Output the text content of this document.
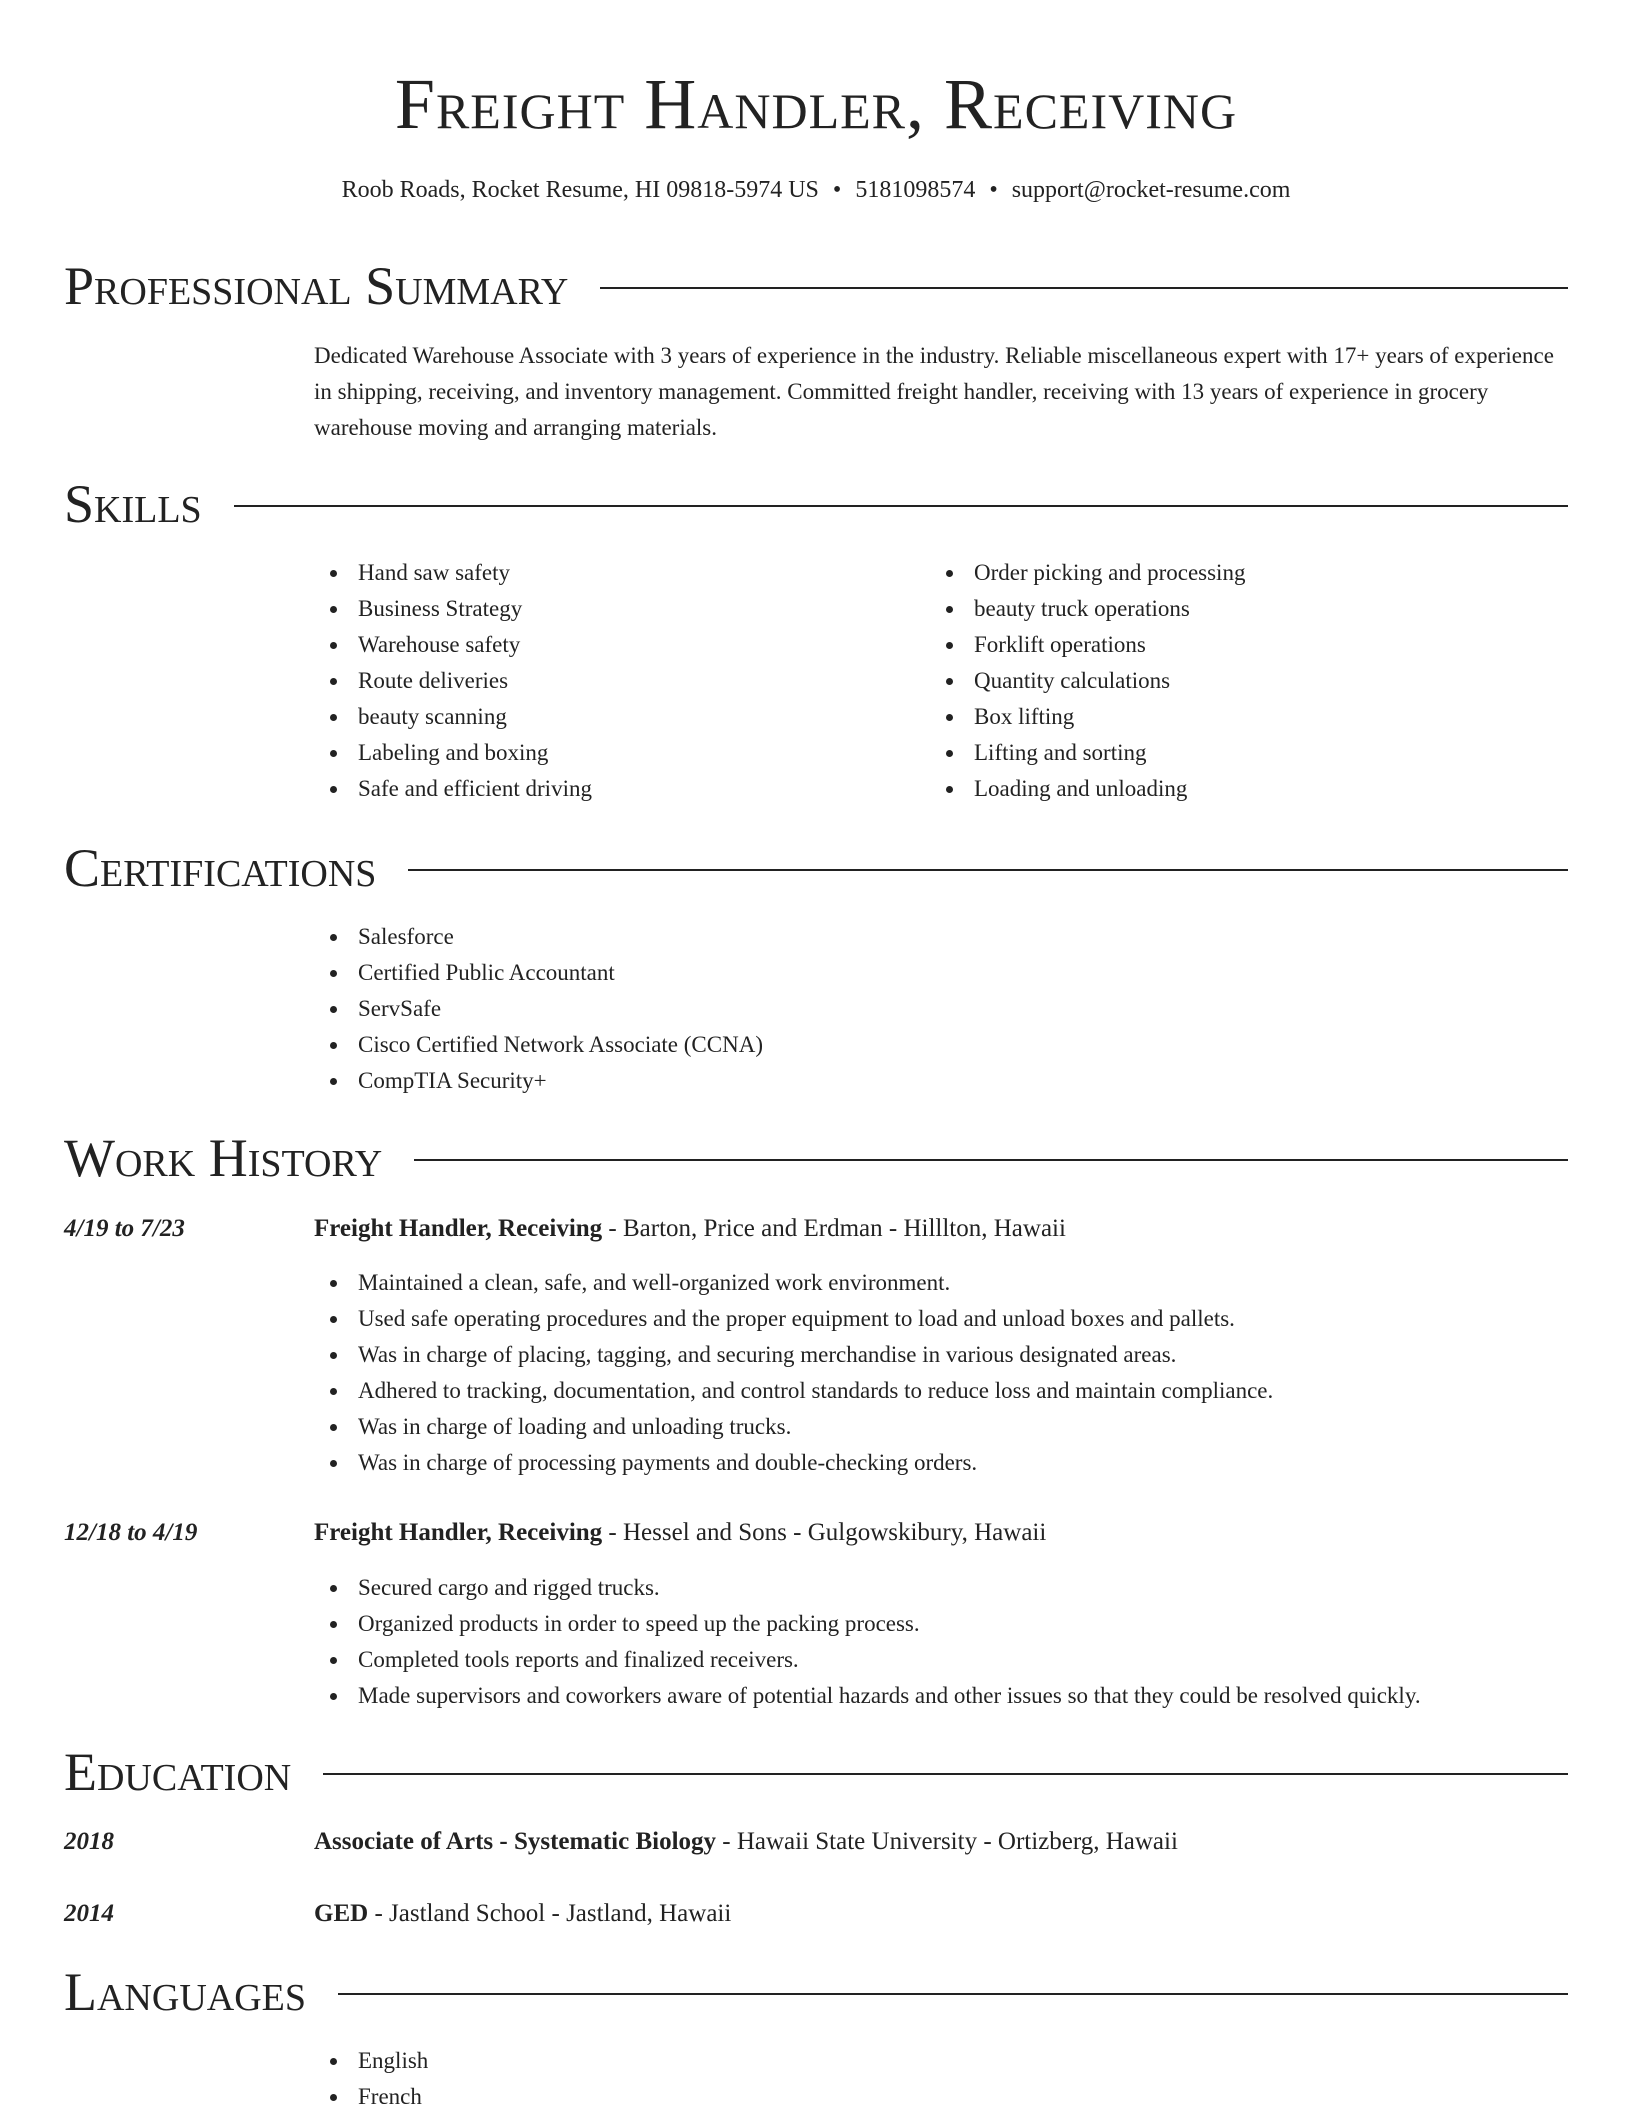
Freight Handler, Receiving
Roob Roads, Rocket Resume, HI 09818-5974 US • 5181098574 • support@rocket-resume.com
Professional Summary
Dedicated Warehouse Associate with 3 years of experience in the industry. Reliable miscellaneous expert with 17+ years of experience in shipping, receiving, and inventory management. Committed freight handler, receiving with 13 years of experience in grocery warehouse moving and arranging materials.
Skills
Hand saw safety
Business Strategy
Warehouse safety
Route deliveries
beauty scanning
Labeling and boxing
Safe and efficient driving
Order picking and processing
beauty truck operations
Forklift operations
Quantity calculations
Box lifting
Lifting and sorting
Loading and unloading
Certifications
Salesforce
Certified Public Accountant
ServSafe
Cisco Certified Network Associate (CCNA)
CompTIA Security+
Work History
4/19 to 7/23	Freight Handler, Receiving - Barton, Price and Erdman - Hilllton, Hawaii
Maintained a clean, safe, and well-organized work environment.
Used safe operating procedures and the proper equipment to load and unload boxes and pallets.
Was in charge of placing, tagging, and securing merchandise in various designated areas.
Adhered to tracking, documentation, and control standards to reduce loss and maintain compliance.
Was in charge of loading and unloading trucks.
Was in charge of processing payments and double-checking orders.
12/18 to 4/19	Freight Handler, Receiving - Hessel and Sons - Gulgowskibury, Hawaii
Secured cargo and rigged trucks.
Organized products in order to speed up the packing process.
Completed tools reports and finalized receivers.
Made supervisors and coworkers aware of potential hazards and other issues so that they could be resolved quickly.
Education
2018	Associate of Arts - Systematic Biology - Hawaii State University - Ortizberg, Hawaii
2014	GED - Jastland School - Jastland, Hawaii
Languages
English
French
